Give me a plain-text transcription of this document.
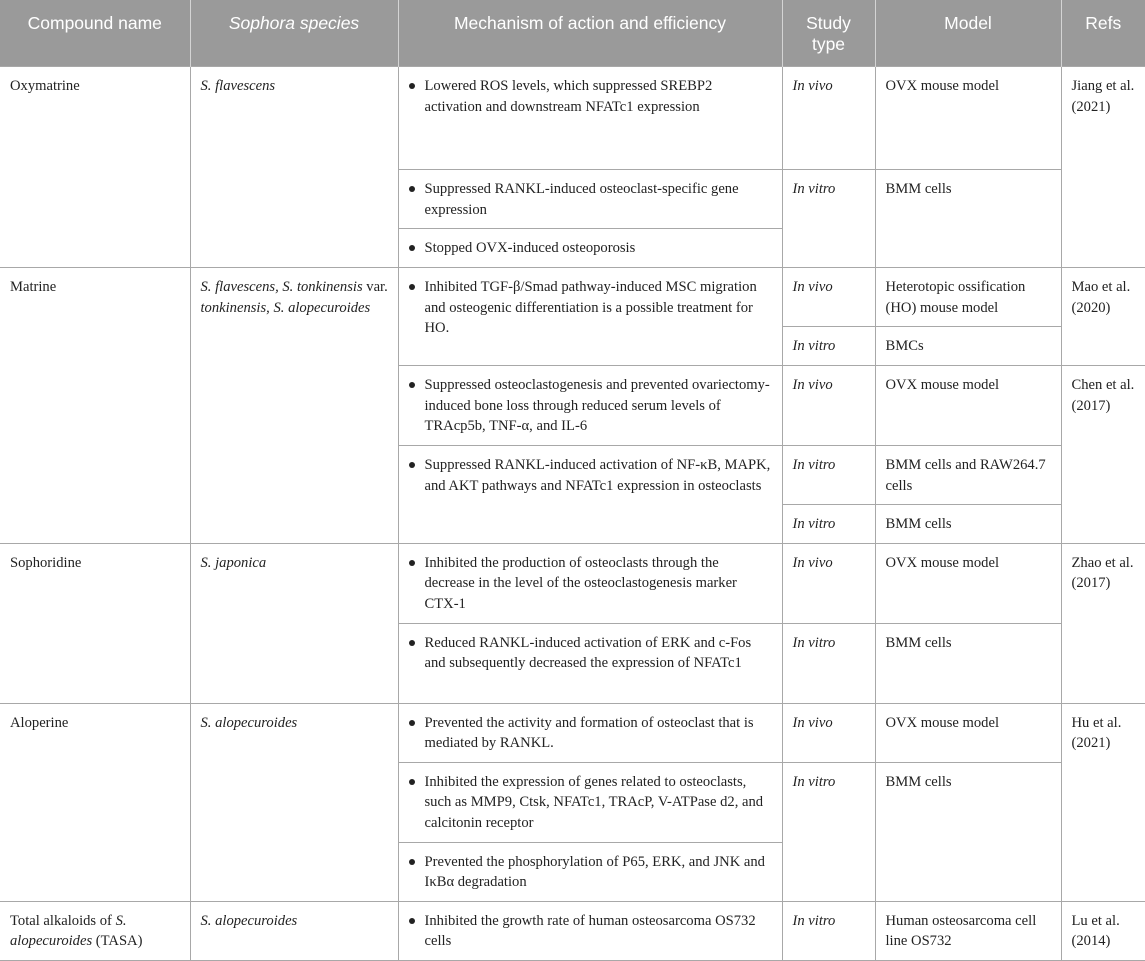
Compound name	Sophora species	Mechanism of action and efficiency	Study type	Model	Refs
Oxymatrine	S. flavescens	Lowered ROS levels, which suppressed SREBP2 activation and downstream NFATc1 expression	In vivo	OVX mouse model	Jiang et al. (2021)

		Suppressed RANKL-induced osteoclast-specific gene expression	In vitro	BMM cells	

		Stopped OVX-induced osteoporosis			

Matrine	S. flavescens, S. tonkinensis var. tonkinensis, S. alopecuroides	Inhibited TGF-β/Smad pathway-induced MSC migration and osteogenic differentiation is a possible treatment for HO.	In vivo	Heterotopic ossification (HO) mouse model	Mao et al. (2020)
			In vitro	BMCs	

		Suppressed osteoclastogenesis and prevented ovariectomy-induced bone loss through reduced serum levels of TRAcp5b, TNF-α, and IL-6	In vivo	OVX mouse model	Chen et al. (2017)

		Suppressed RANKL-induced activation of NF-κB, MAPK, and AKT pathways and NFATc1 expression in osteoclasts	In vitro	BMM cells and RAW264.7 cells	
			In vitro	BMM cells	
Sophoridine	S. japonica	Inhibited the production of osteoclasts through the decrease in the level of the osteoclastogenesis marker CTX-1	In vivo	OVX mouse model	Zhao et al. (2017)

		Reduced RANKL-induced activation of ERK and c-Fos and subsequently decreased the expression of NFATc1	In vitro	BMM cells	
Aloperine	S. alopecuroides	Prevented the activity and formation of osteoclast that is mediated by RANKL.	In vivo	OVX mouse model	Hu et al. (2021)

		Inhibited the expression of genes related to osteoclasts, such as MMP9, Ctsk, NFATc1, TRAcP, V-ATPase d2, and calcitonin receptor	In vitro	BMM cells	

		Prevented the phosphorylation of P65, ERK, and JNK and IκBα degradation			

Total alkaloids of S. alopecuroides (TASA)	S. alopecuroides	Inhibited the growth rate of human osteosarcoma OS732 cells	In vitro	Human osteosarcoma cell line OS732	Lu et al. (2014)
